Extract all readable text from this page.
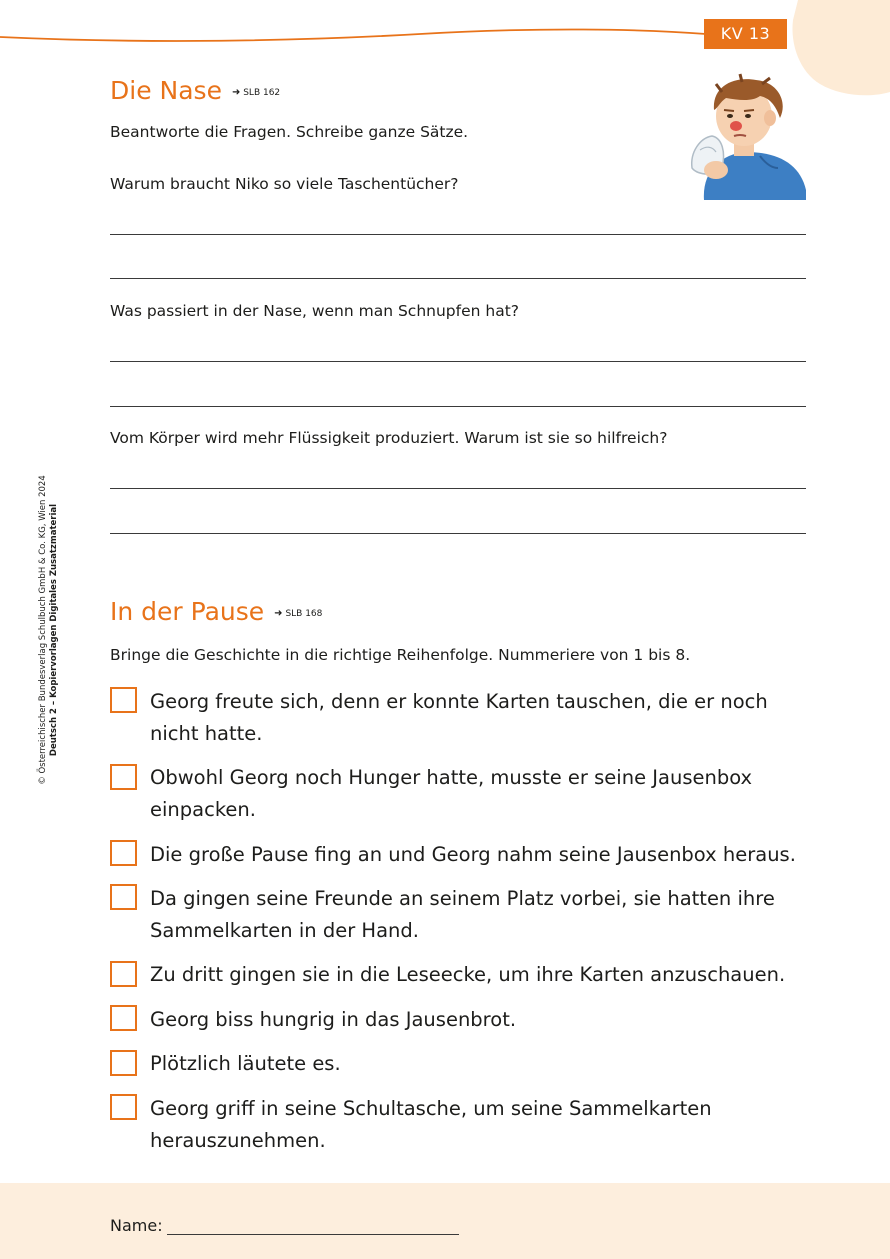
KV 13
© Österreichischer Bundesverlag Schulbuch GmbH & Co. KG, Wien 2024 Deutsch 2 – Kopiervorlagen Digitales Zusatzmaterial
Die Nase ➜ SLB 162

Beantworte die Fragen. Schreibe ganze Sätze.

Warum braucht Niko so viele Taschentücher?

Was passiert in der Nase, wenn man Schnupfen hat?

Vom Körper wird mehr Flüssigkeit produziert. Warum ist sie so hilfreich?

In der Pause ➜ SLB 168

Bringe die Geschichte in die richtige Reihenfolge. Nummeriere von 1 bis 8.

Georg freute sich, denn er konnte Karten tauschen, die er noch nicht hatte.

Obwohl Georg noch Hunger hatte, musste er seine Jausenbox einpacken.

Die große Pause fing an und Georg nahm seine Jausenbox heraus.

Da gingen seine Freunde an seinem Platz vorbei, sie hatten ihre Sammelkarten in der Hand.

Zu dritt gingen sie in die Leseecke, um ihre Karten anzuschauen.

Georg biss hungrig in das Jausenbrot.

Plötzlich läutete es.

Georg griff in seine Schultasche, um seine Sammelkarten herauszunehmen.

Name:
